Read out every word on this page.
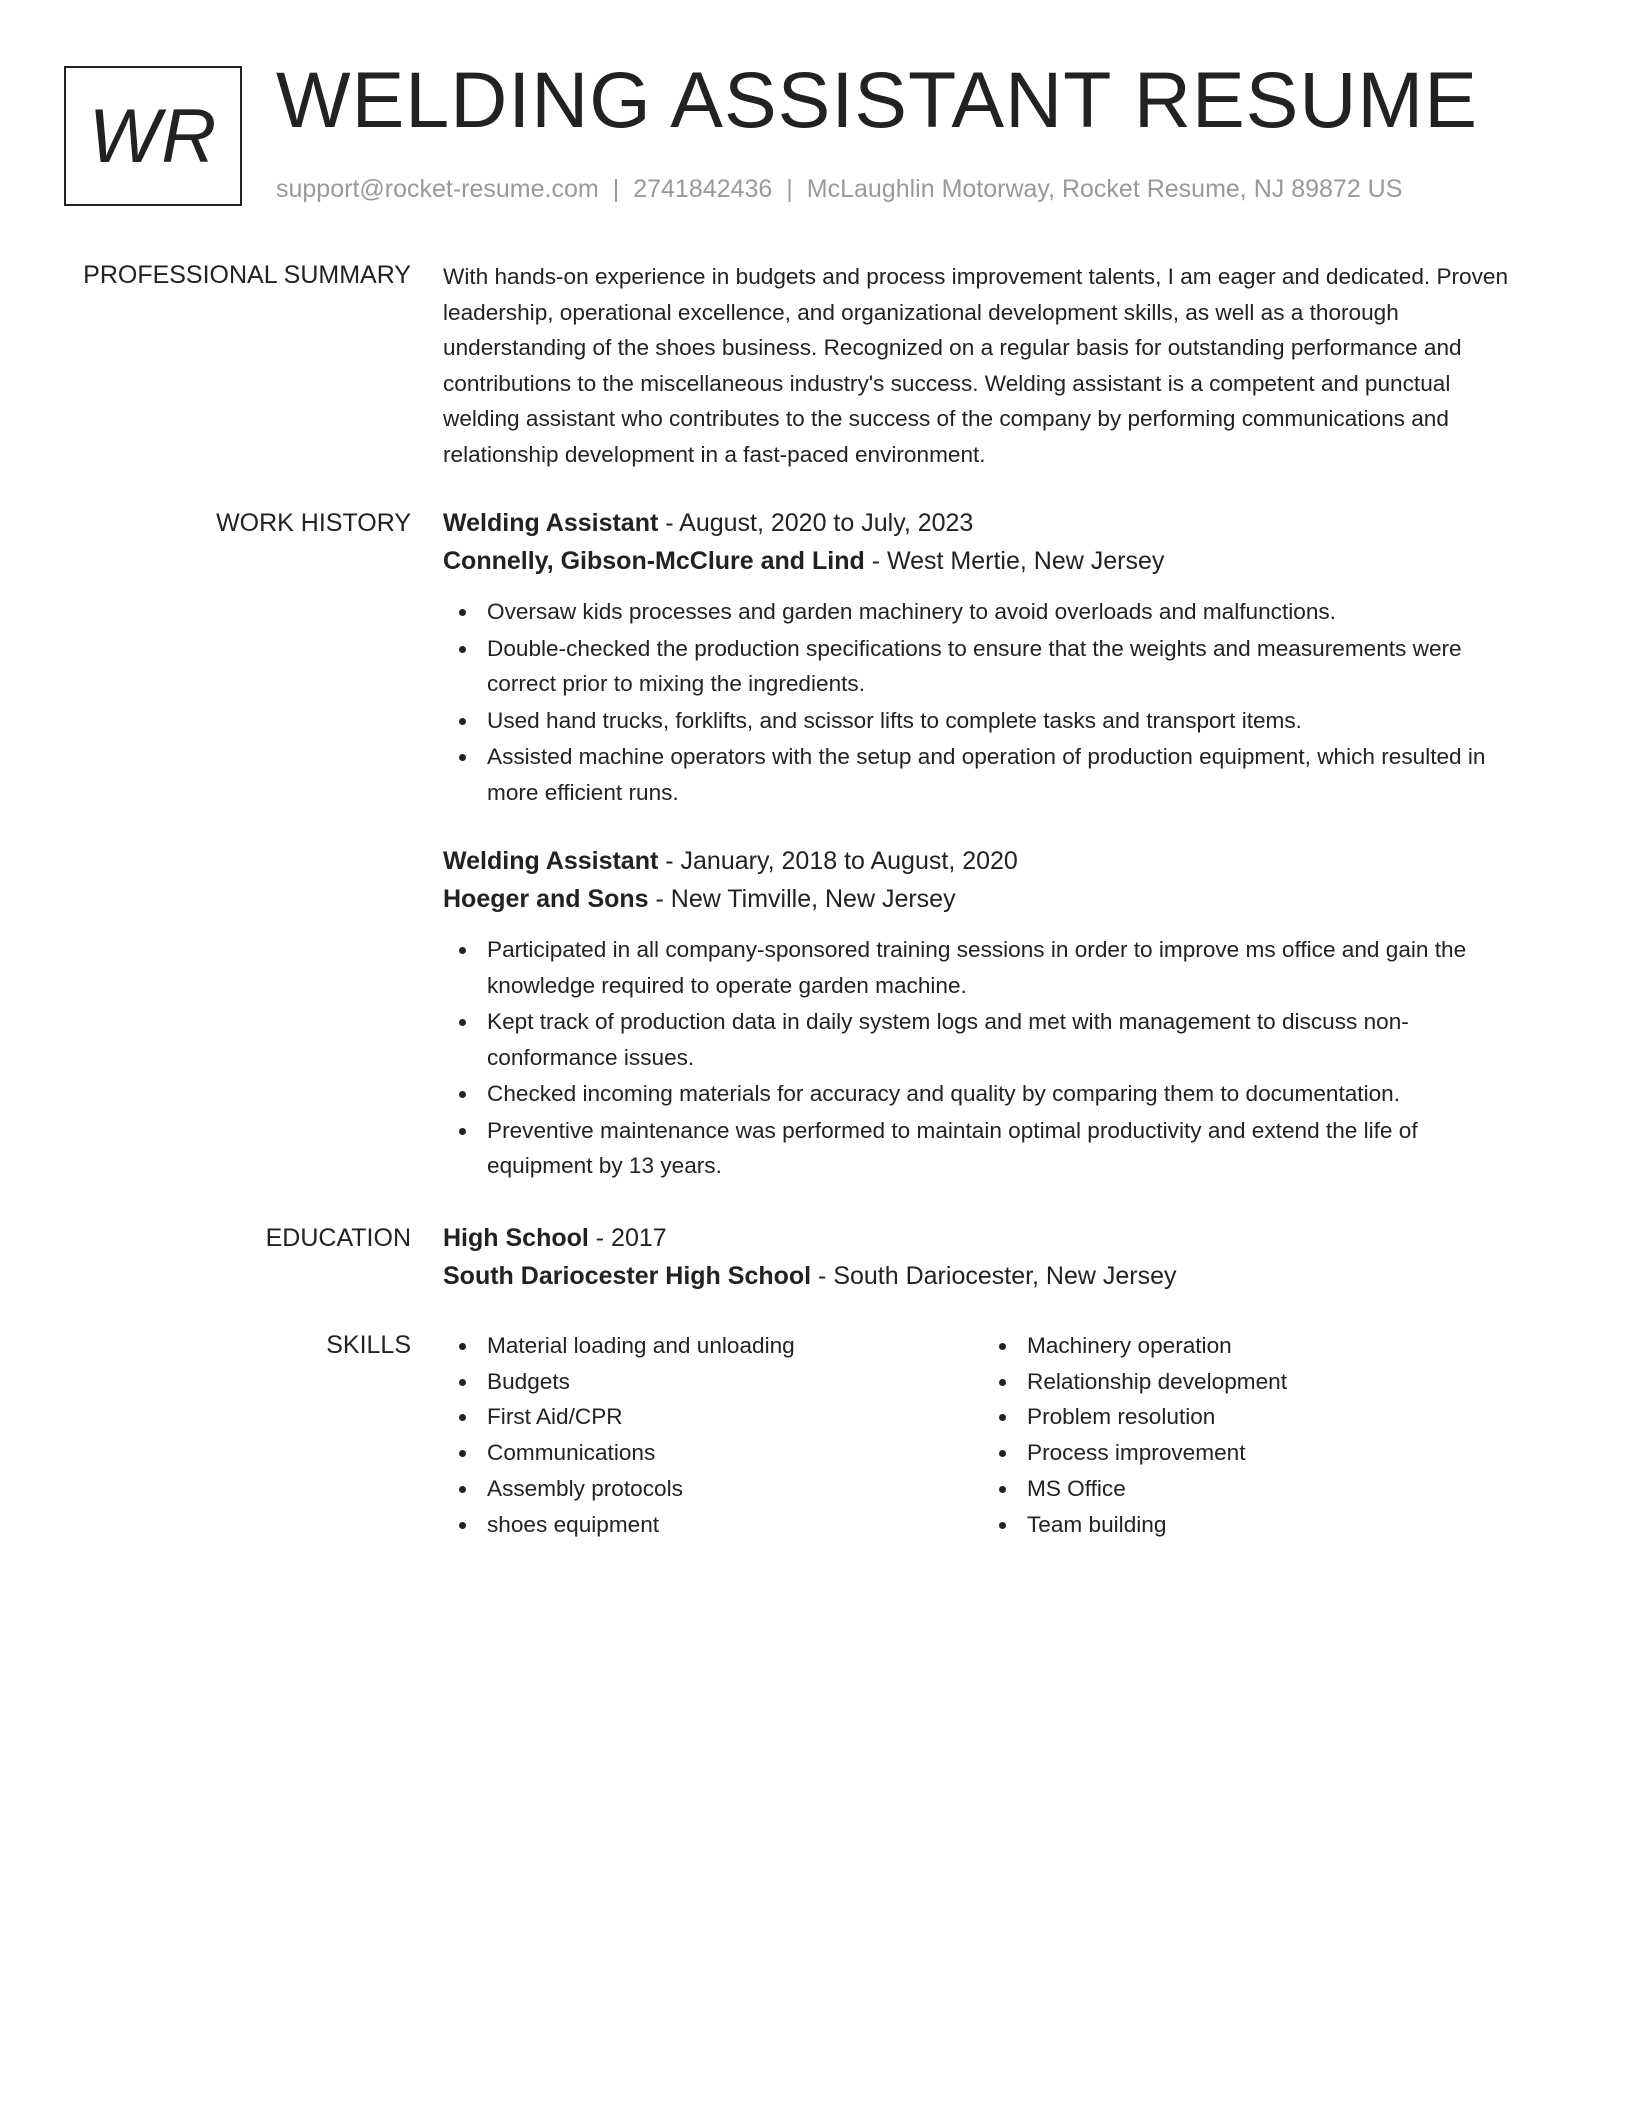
WR WELDING ASSISTANT RESUME
support@rocket-resume.com | 2741842436 | McLaughlin Motorway, Rocket Resume, NJ 89872 US
PROFESSIONAL SUMMARY With hands-on experience in budgets and process improvement talents, I am eager and dedicated. Proven leadership, operational excellence, and organizational development skills, as well as a thorough understanding of the shoes business. Recognized on a regular basis for outstanding performance and contributions to the miscellaneous industry's success. Welding assistant is a competent and punctual welding assistant who contributes to the success of the company by performing communications and relationship development in a fast-paced environment.

WORK HISTORY Welding Assistant - August, 2020 to July, 2023
Connelly, Gibson-McClure and Lind - West Mertie, New Jersey
Oversaw kids processes and garden machinery to avoid overloads and malfunctions.
Double-checked the production specifications to ensure that the weights and measurements were correct prior to mixing the ingredients.
Used hand trucks, forklifts, and scissor lifts to complete tasks and transport items.
Assisted machine operators with the setup and operation of production equipment, which resulted in more efficient runs.
Welding Assistant - January, 2018 to August, 2020
Hoeger and Sons - New Timville, New Jersey
Participated in all company-sponsored training sessions in order to improve ms office and gain the knowledge required to operate garden machine.
Kept track of production data in daily system logs and met with management to discuss non-conformance issues.
Checked incoming materials for accuracy and quality by comparing them to documentation.
Preventive maintenance was performed to maintain optimal productivity and extend the life of equipment by 13 years.
EDUCATION High School - 2017
South Dariocester High School - South Dariocester, New Jersey
SKILLS	Material loading and unloading
Budgets
First Aid/CPR
Communications
Assembly protocols
shoes equipment
Machinery operation
Relationship development
Problem resolution
Process improvement
MS Office
Team building
